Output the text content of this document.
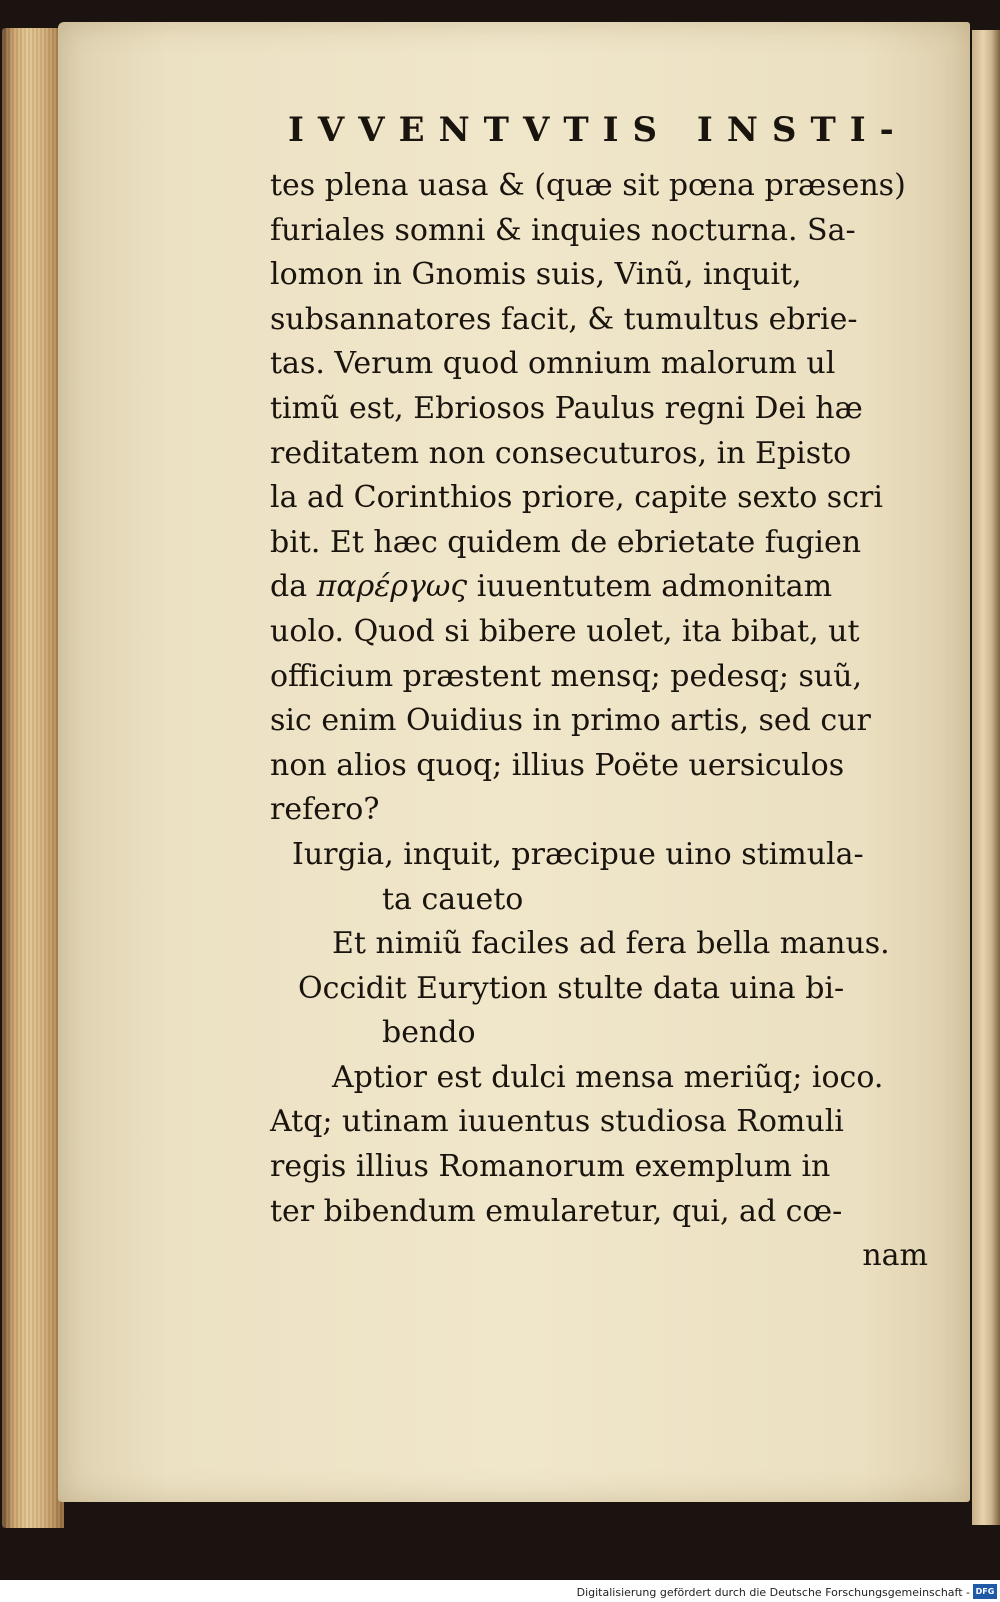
IVVENTVTIS INSTI-
tes plena uasa & (quæ sit pœna præsens)
furiales somni & inquies nocturna. Sa-
lomon in Gnomis suis, Vinũ, inquit,
subsannatores facit, & tumultus ebrie-
tas. Verum quod omnium malorum ul
timũ est, Ebriosos Paulus regni Dei hæ
reditatem non consecuturos, in Episto
la ad Corinthios priore, capite sexto scri
bit. Et hæc quidem de ebrietate fugien
da παρέργως iuuentutem admonitam
uolo. Quod si bibere uolet, ita bibat, ut
officium præstent mensq; pedesq; suũ,
sic enim Ouidius in primo artis, sed cur
non alios quoq; illius Poëte uersiculos
refero?
Iurgia, inquit, præcipue uino stimula-
ta caueto
Et nimiũ faciles ad fera bella manus.
Occidit Eurytion stulte data uina bi-
bendo
Aptior est dulci mensa meriũq; ioco.
Atq; utinam iuuentus studiosa Romuli
regis illius Romanorum exemplum in
ter bibendum emularetur, qui, ad cœ-
nam
Digitalisierung gefördert durch die Deutsche Forschungsgemeinschaft - DFG
